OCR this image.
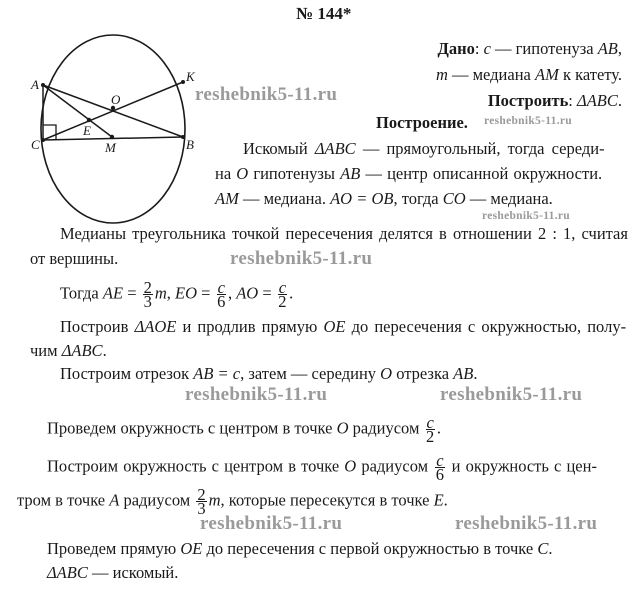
№ 144*
A
K
O
E
C	M	B
reshebnik5-11.ru
Дано: c — гипотенуза AB,
m — медиана AM к катету.
Построить: ΔABC.
Построение. reshebnik5-11.ru
Искомый ΔABC — прямоугольный, тогда середи-
на O гипотенузы AB — центр описанной окружности.
AM — медиана. AO = OB, тогда CO — медиана.
reshebnik5-11.ru
Медианы треугольника точкой пересечения делятся в отношении 2 : 1, считая
от вершины.	reshebnik5-11.ru
Тогда AE = $\frac{2}{3} m$, EO = $\frac{c}{6}$ , AO = $\frac{c}{2}$ .
Построив ΔAOE и продлив прямую OE до пересечения с окружностью, полу-
чим ΔABC.
Построим отрезок AB = c, затем — середину O отрезка AB.
reshebnik5-11.ru	reshebnik5-11.ru
Проведем окружность с центром в точке O радиусом $\frac{c}{2}$ .
Построим окружность с центром в точке O радиусом $\frac{c}{6}$ и окружность с цен-
тром в точке A радиусом $\frac{2}{3} m$, которые пересекутся в точке E.
reshebnik5-11.ru	reshebnik5-11.ru
Проведем прямую OE до пересечения с первой окружностью в точке C.
ΔABC — искомый.
